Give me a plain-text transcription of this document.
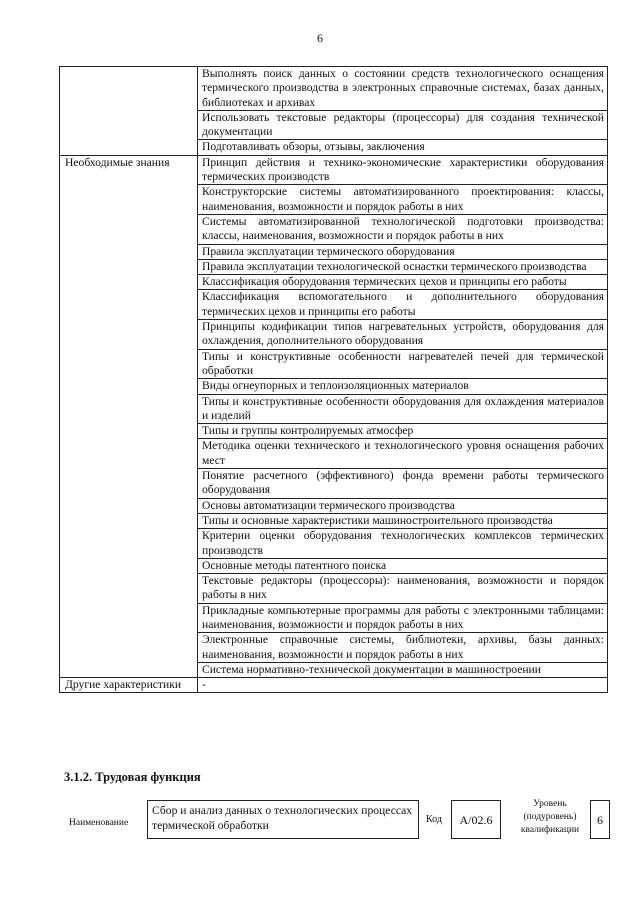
6
	Выполнять поиск данных о состоянии средств технологического оснащения термического производства в электронных справочные системах, базах данных, библиотеках и архивах
	Использовать текстовые редакторы (процессоры) для создания технической документации
	Подготавливать обзоры, отзывы, заключения
Необходимые знания	Принцип действия и технико-экономические характеристики оборудования термических производств
	Конструкторские системы автоматизированного проектирования: классы, наименования, возможности и порядок работы в них
	Системы автоматизированной технологической подготовки производства: классы, наименования, возможности и порядок работы в них
	Правила эксплуатации термического оборудования
	Правила эксплуатации технологической оснастки термического производства
	Классификация оборудования термических цехов и принципы его работы
	Классификация вспомогательного и дополнительного оборудования термических цехов и принципы его работы
	Принципы кодификации типов нагревательных устройств, оборудования для охлаждения, дополнительного оборудования
	Типы и конструктивные особенности нагревателей печей для термической обработки
	Виды огнеупорных и теплоизоляционных материалов
	Типы и конструктивные особенности оборудования для охлаждения материалов и изделий
	Типы и группы контролируемых атмосфер
	Методика оценки технического и технологического уровня оснащения рабочих мест
	Понятие расчетного (эффективного) фонда времени работы термического оборудования
	Основы автоматизации термического производства
	Типы и основные характеристики машиностроительного производства
	Критерии оценки оборудования технологических комплексов термических производств
	Основные методы патентного поиска
	Текстовые редакторы (процессоры): наименования, возможности и порядок работы в них
	Прикладные компьютерные программы для работы с электронными таблицами: наименования, возможности и порядок работы в них
	Электронные справочные системы, библиотеки, архивы, базы данных: наименования, возможности и порядок работы в них
	Система нормативно-технической документации в машиностроении
Другие характеристики	-
3.1.2. Трудовая функция
Наименование
Сбор и анализ данных о технологических процессах термической обработки	Код	A/02.6
Уровень (подуровень) квалификации
6
